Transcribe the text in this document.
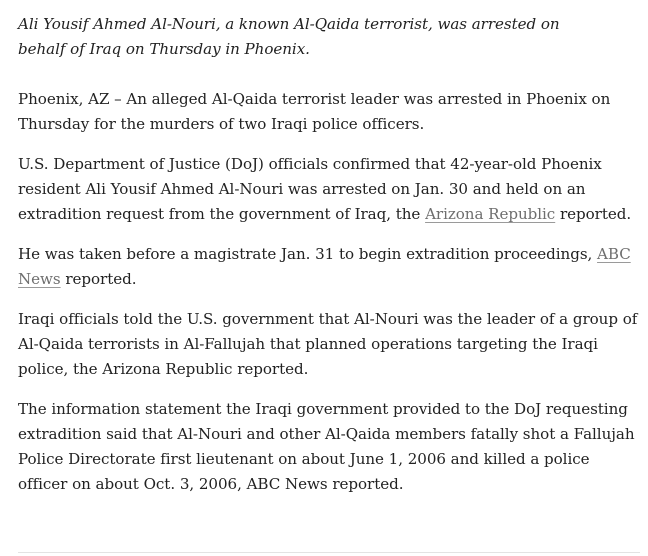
Ali Yousif Ahmed Al-Nouri, a known Al-Qaida terrorist, was arrested on
behalf of Iraq on Thursday in Phoenix.

Phoenix, AZ – An alleged Al-Qaida terrorist leader was arrested in Phoenix on Thursday for the murders of two Iraqi police officers.

U.S. Department of Justice (DoJ) officials confirmed that 42-year-old Phoenix resident Ali Yousif Ahmed Al-Nouri was arrested on Jan. 30 and held on an extradition request from the government of Iraq, the Arizona Republic reported.

He was taken before a magistrate Jan. 31 to begin extradition proceedings, ABC News reported.

Iraqi officials told the U.S. government that Al-Nouri was the leader of a group of Al-Qaida terrorists in Al-Fallujah that planned operations targeting the Iraqi police, the Arizona Republic reported.

The information statement the Iraqi government provided to the DoJ requesting extradition said that Al-Nouri and other Al-Qaida members fatally shot a Fallujah Police Directorate first lieutenant on about June 1, 2006 and killed a police officer on about Oct. 3, 2006, ABC News reported.
